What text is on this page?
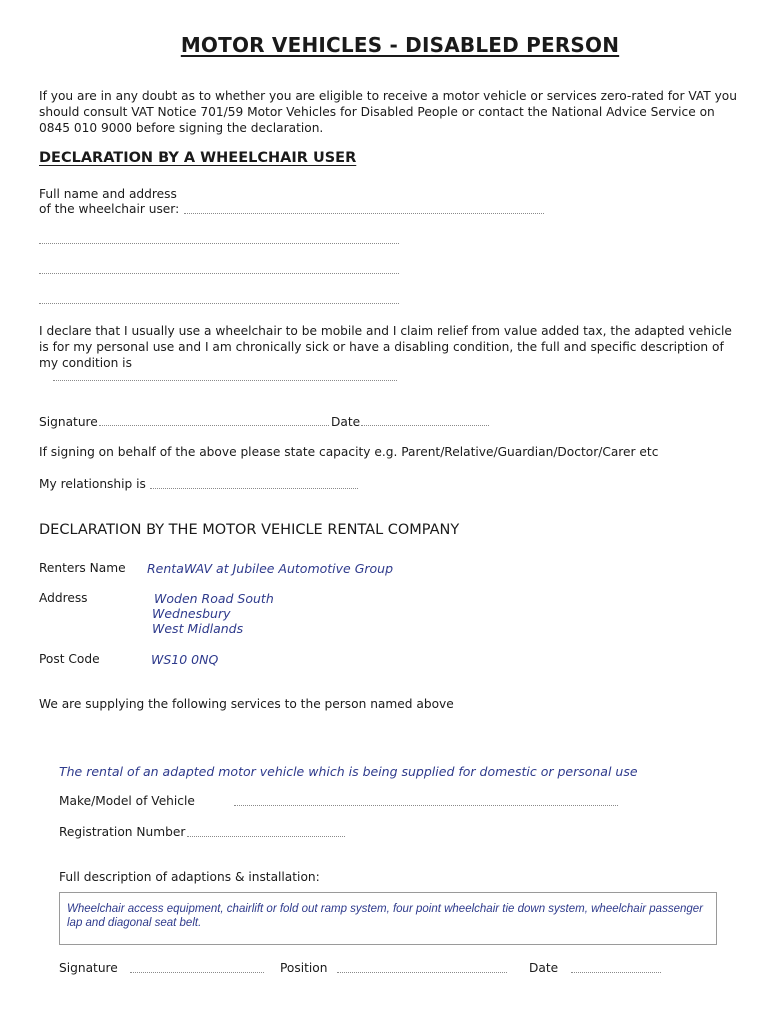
MOTOR VEHICLES - DISABLED PERSON
If you are in any doubt as to whether you are eligible to receive a motor vehicle or services zero-rated for VAT you should consult VAT Notice 701/59 Motor Vehicles for Disabled People or contact the National Advice Service on 0845 010 9000 before signing the declaration.
DECLARATION BY A WHEELCHAIR USER
Full name and address
of the wheelchair user:
I declare that I usually use a wheelchair to be mobile and I claim relief from value added tax, the adapted vehicle is for my personal use and I am chronically sick or have a disabling condition, the full and specific description of my condition is
Signature	Date
If signing on behalf of the above please state capacity e.g. Parent/Relative/Guardian/Doctor/Carer etc
My relationship is
DECLARATION BY THE MOTOR VEHICLE RENTAL COMPANY
Renters Name RentaWAV at Jubilee Automotive Group
Address	Woden Road South
Wednesbury
West Midlands
Post Code	WS10 0NQ
We are supplying the following services to the person named above
The rental of an adapted motor vehicle which is being supplied for domestic or personal use
Make/Model of Vehicle
Registration Number
Full description of adaptions & installation:
Wheelchair access equipment, chairlift or fold out ramp system, four point wheelchair tie down system, wheelchair passenger lap and diagonal seat belt.
Signature	Position	Date
